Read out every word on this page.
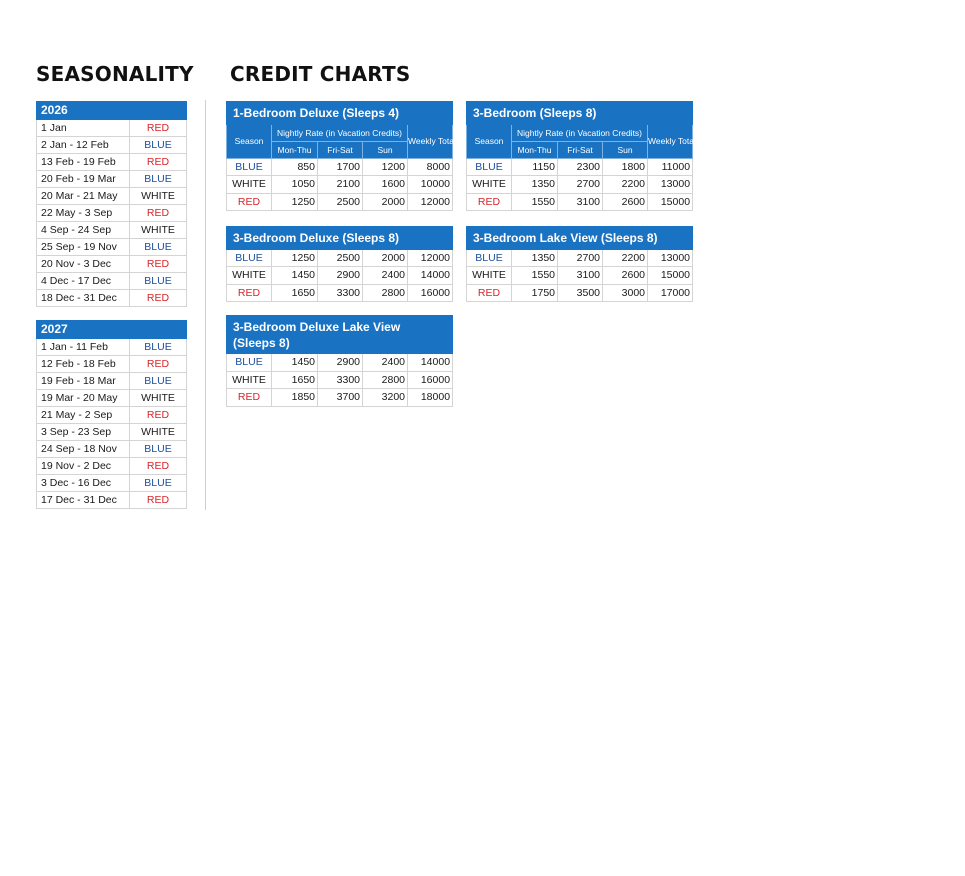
SEASONALITY CREDIT CHARTS
2026	
1 Jan	RED
2 Jan - 12 Feb	BLUE
13 Feb - 19 Feb	RED
20 Feb - 19 Mar	BLUE
20 Mar - 21 May	WHITE
22 May - 3 Sep	RED
4 Sep - 24 Sep	WHITE
25 Sep - 19 Nov	BLUE
20 Nov - 3 Dec	RED
4 Dec - 17 Dec	BLUE
18 Dec - 31 Dec	RED
2027	
1 Jan - 11 Feb	BLUE
12 Feb - 18 Feb	RED
19 Feb - 18 Mar	BLUE
19 Mar - 20 May	WHITE
21 May - 2 Sep	RED
3 Sep - 23 Sep	WHITE
24 Sep - 18 Nov	BLUE
19 Nov - 2 Dec	RED
3 Dec - 16 Dec	BLUE
17 Dec - 31 Dec	RED
1-Bedroom Deluxe (Sleeps 4)				
Season	Nightly Rate (in Vacation Credits)			Weekly Total
	Mon-Thu	Fri-Sat	Sun	
BLUE	850	1700	1200	8000
WHITE	1050	2100	1600	10000
RED	1250	2500	2000	12000
3-Bedroom (Sleeps 8)				
Season	Nightly Rate (in Vacation Credits)			Weekly Total
	Mon-Thu	Fri-Sat	Sun	
BLUE	1150	2300	1800	11000
WHITE	1350	2700	2200	13000
RED	1550	3100	2600	15000
3-Bedroom Deluxe (Sleeps 8)				
BLUE	1250	2500	2000	12000
WHITE	1450	2900	2400	14000
RED	1650	3300	2800	16000
3-Bedroom Lake View (Sleeps 8)				
BLUE	1350	2700	2200	13000
WHITE	1550	3100	2600	15000
RED	1750	3500	3000	17000
3-Bedroom Deluxe Lake View (Sleeps 8)				
BLUE	1450	2900	2400	14000
WHITE	1650	3300	2800	16000
RED	1850	3700	3200	18000
